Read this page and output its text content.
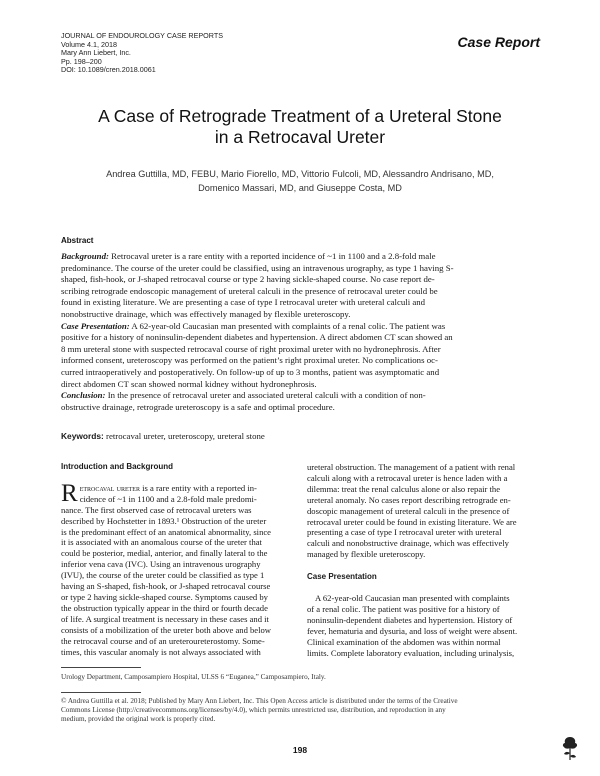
JOURNAL OF ENDOUROLOGY CASE REPORTS
Volume 4.1, 2018
Mary Ann Liebert, Inc.
Pp. 198–200
DOI: 10.1089/cren.2018.0061
Case Report
A Case of Retrograde Treatment of a Ureteral Stone
in a Retrocaval Ureter
Andrea Guttilla, MD, FEBU, Mario Fiorello, MD, Vittorio Fulcoli, MD, Alessandro Andrisano, MD,
Domenico Massari, MD, and Giuseppe Costa, MD
Abstract
Background: Retrocaval ureter is a rare entity with a reported incidence of ~1 in 1100 and a 2.8-fold male
predominance. The course of the ureter could be classified, using an intravenous urography, as type 1 having S-
shaped, fish-hook, or J-shaped retrocaval course or type 2 having sickle-shaped course. No case report de-
scribing retrograde endoscopic management of ureteral calculi in the presence of retrocaval ureter could be
found in existing literature. We are presenting a case of type I retrocaval ureter with ureteral calculi and
nonobstructive drainage, which was effectively managed by flexible ureteroscopy.
Case Presentation: A 62-year-old Caucasian man presented with complaints of a renal colic. The patient was
positive for a history of noninsulin-dependent diabetes and hypertension. A direct abdomen CT scan showed an
8 mm ureteral stone with suspected retrocaval course of right proximal ureter with no hydronephrosis. After
informed consent, ureteroscopy was performed on the patient’s right proximal ureter. No complications oc-
curred intraoperatively and postoperatively. On follow-up of up to 3 months, patient was asymptomatic and
direct abdomen CT scan showed normal kidney without hydronephrosis.
Conclusion: In the presence of retrocaval ureter and associated ureteral calculi with a condition of non-
obstructive drainage, retrograde ureteroscopy is a safe and optimal procedure.
Keywords: retrocaval ureter, ureteroscopy, ureteral stone
Introduction and Background
R etrocaval ureter is a rare entity with a reported in-
cidence of ~1 in 1100 and a 2.8-fold male predomi-
nance. The first observed case of retrocaval ureters was
described by Hochstetter in 1893.¹ Obstruction of the ureter
is the predominant effect of an anatomical abnormality, since
it is associated with an anomalous course of the ureter that
could be posterior, medial, anterior, and finally lateral to the
inferior vena cava (IVC). Using an intravenous urography
(IVU), the course of the ureter could be classified as type 1
having an S-shaped, fish-hook, or J-shaped retrocaval course
or type 2 having sickle-shaped course. Symptoms caused by
the obstruction typically appear in the third or fourth decade
of life. A surgical treatment is necessary in these cases and it
consists of a mobilization of the ureter both above and below
the retrocaval course and of an ureteroureterostomy. Some-
times, this vascular anomaly is not always associated with
ureteral obstruction. The management of a patient with renal
calculi along with a retrocaval ureter is hence laden with a
dilemma: treat the renal calculus alone or also repair the
ureteral anomaly. No cases report describing retrograde en-
doscopic management of ureteral calculi in the presence of
retrocaval ureter could be found in existing literature. We are
presenting a case of type I retrocaval ureter with ureteral
calculi and nonobstructive drainage, which was effectively
managed by flexible ureteroscopy.
Case Presentation
A 62-year-old Caucasian man presented with complaints
of a renal colic. The patient was positive for a history of
noninsulin-dependent diabetes and hypertension. History of
fever, hematuria and dysuria, and loss of weight were absent.
Clinical examination of the abdomen was within normal
limits. Complete laboratory evaluation, including urinalysis,
Urology Department, Camposampiero Hospital, ULSS 6 “Euganea,” Camposampiero, Italy.
© Andrea Guttilla et al. 2018; Published by Mary Ann Liebert, Inc. This Open Access article is distributed under the terms of the Creative
Commons License (http://creativecommons.org/licenses/by/4.0), which permits unrestricted use, distribution, and reproduction in any
medium, provided the original work is properly cited.
198
